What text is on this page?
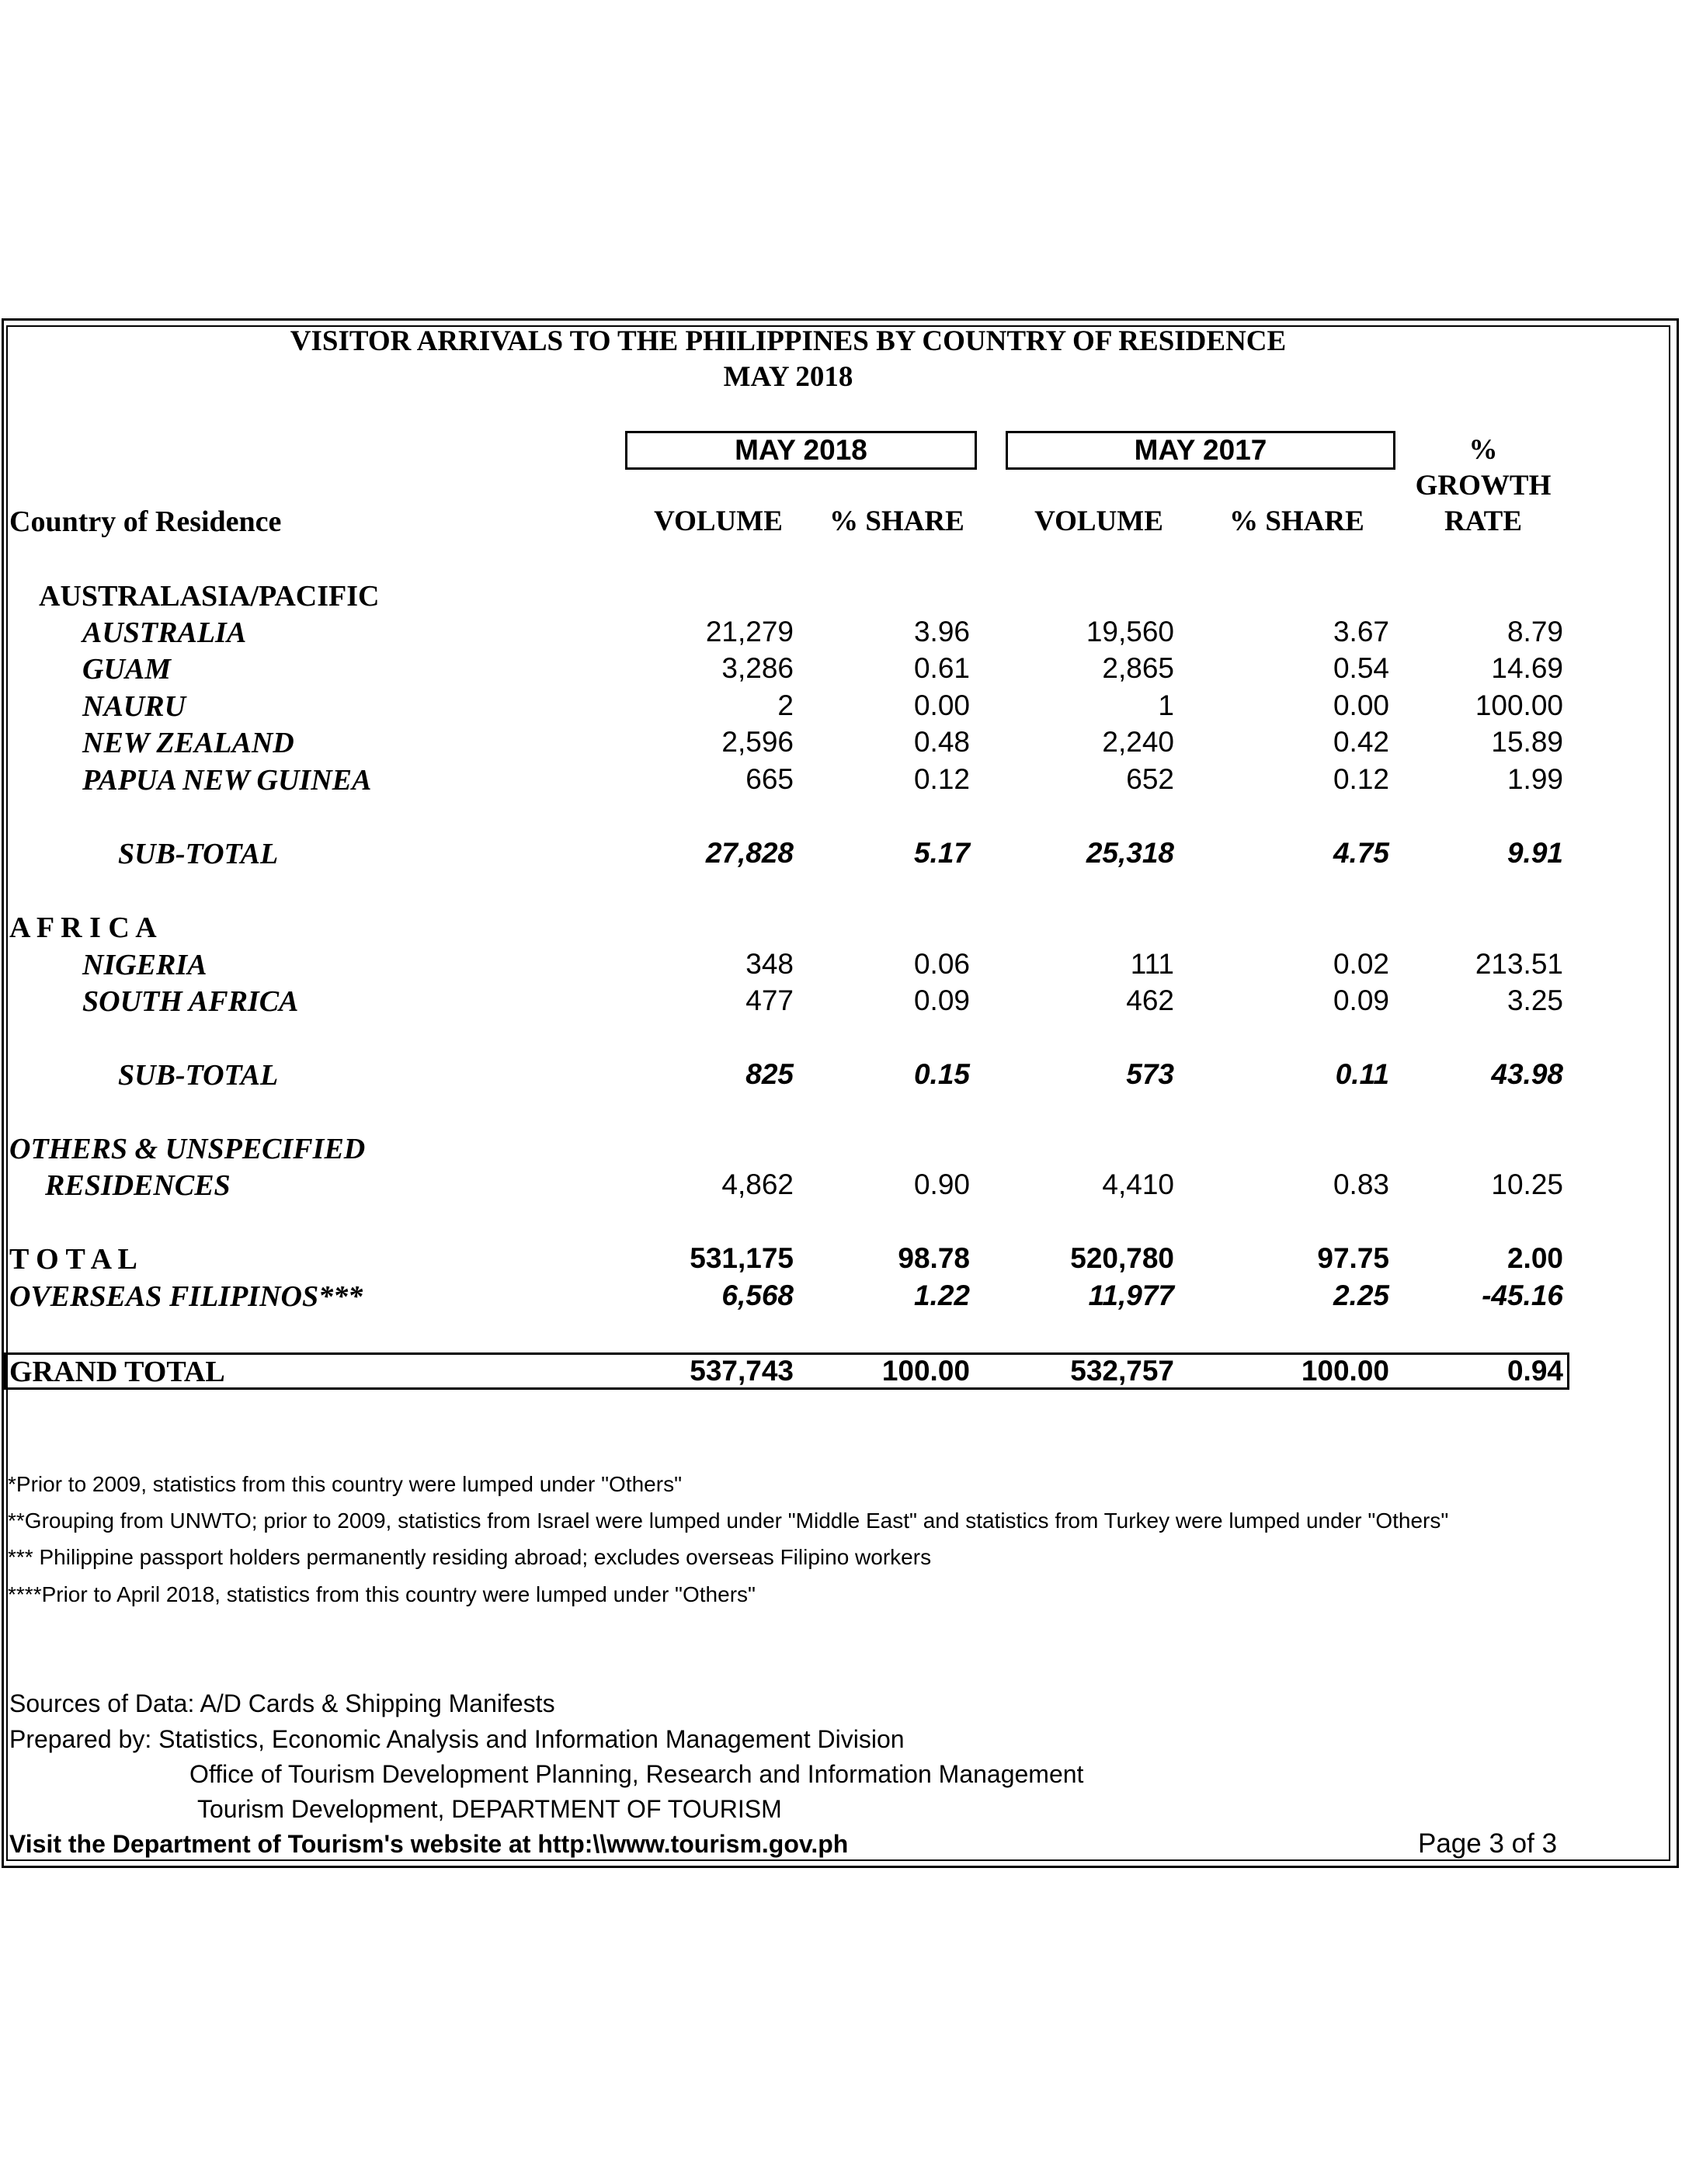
VISITOR ARRIVALS TO THE PHILIPPINES BY COUNTRY OF RESIDENCE
MAY 2018
MAY 2018	MAY 2017	%
GROWTH
RATE
Country of Residence	VOLUME	% SHARE	VOLUME	% SHARE
AUSTRALASIA/PACIFIC
AUSTRALIA	21,279	3.96	19,560	3.67	8.79
GUAM	3,286	0.61	2,865	0.54	14.69
NAURU	2	0.00	1	0.00	100.00
NEW ZEALAND	2,596	0.48	2,240	0.42	15.89
PAPUA NEW GUINEA	665	0.12	652	0.12	1.99
SUB-TOTAL	27,828	5.17	25,318	4.75	9.91
A F R I C A
NIGERIA	348	0.06	111	0.02	213.51
SOUTH AFRICA	477	0.09	462	0.09	3.25
SUB-TOTAL	825	0.15	573	0.11	43.98
OTHERS & UNSPECIFIED
RESIDENCES	4,862	0.90	4,410	0.83	10.25
T O T A L	531,175	98.78	520,780	97.75	2.00
OVERSEAS FILIPINOS***	6,568	1.22	11,977	2.25	-45.16
GRAND TOTAL	537,743	100.00	532,757	100.00	0.94
*Prior to 2009, statistics from this country were lumped under "Others"
**Grouping from UNWTO; prior to 2009, statistics from Israel were lumped under "Middle East" and statistics from Turkey were lumped under "Others"
*** Philippine passport holders permanently residing abroad; excludes overseas Filipino workers
****Prior to April 2018, statistics from this country were lumped under "Others"
Sources of Data: A/D Cards & Shipping Manifests
Prepared by: Statistics, Economic Analysis and Information Management Division
Office of Tourism Development Planning, Research and Information Management
Tourism Development, DEPARTMENT OF TOURISM
Visit the Department of Tourism's website at http:\\www.tourism.gov.ph	Page 3 of 3
